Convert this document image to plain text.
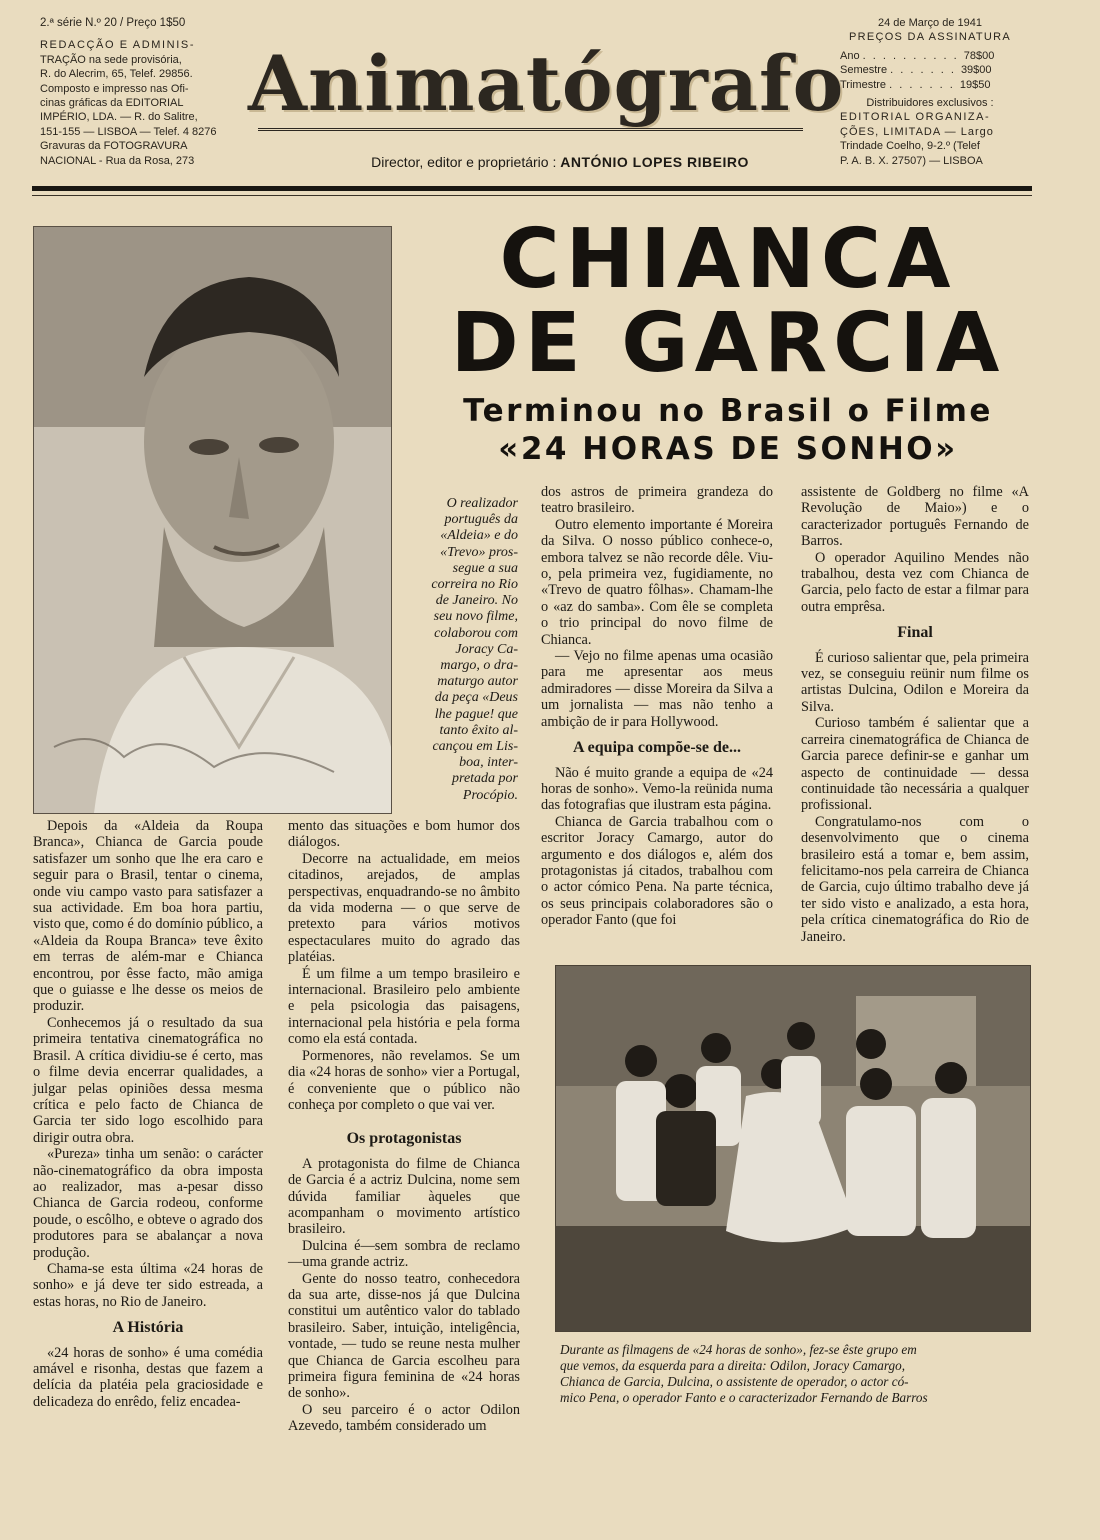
2.ª série N.º 20 / Preço 1$50
REDACÇÃO E ADMINIS-
TRAÇÃO na sede provisória,
R. do Alecrim, 65, Telef. 29856.
Composto e impresso nas Ofi-
cinas gráficas da EDITORIAL
IMPÉRIO, LDA. — R. do Salitre,
151-155 — LISBOA — Telef. 4 8276
Gravuras da FOTOGRAVURA
NACIONAL - Rua da Rosa, 273
Animatógrafo
Director, editor e proprietário : ANTÓNIO LOPES RIBEIRO
24 de Março de 1941
PREÇOS DA ASSINATURA
Ano . . . . . . . . . . 78$00
Semestre . . . . . . . 39$00
Trimestre . . . . . . . 19$50
Distribuidores exclusivos :
EDITORIAL ORGANIZA-
ÇÕES, LIMITADA — Largo
Trindade Coelho, 9-2.º (Telef
P. A. B. X. 27507) — LISBOA
CHIANCA
DE GARCIA
Terminou no Brasil o Filme
«24 HORAS DE SONHO»
O realizador
português da
«Aldeia» e do
«Trevo» pros-
segue a sua
correira no Rio
de Janeiro. No
seu novo filme,
colaborou com
Joracy Ca-
margo, o dra-
maturgo autor
da peça «Deus
lhe pague! que
tanto êxito al-
cançou em Lis-
boa, inter-
pretada por
Procópio.

Depois da «Aldeia da Roupa Branca», Chianca de Garcia poude satisfazer um sonho que lhe era caro e seguir para o Brasil, tentar o cinema, onde viu campo vasto para satisfazer a sua actividade. Em boa hora partiu, visto que, como é do domínio público, a «Aldeia da Roupa Branca» teve êxito em terras de além-mar e Chianca encontrou, por êsse facto, mão amiga que o guiasse e lhe desse os meios de produzir.

Conhecemos já o resultado da sua primeira tentativa cinematográfica no Brasil. A crítica dividiu-se é certo, mas o filme devia encerrar qualidades, a julgar pelas opiniões dessa mesma crítica e pelo facto de Chianca de Garcia ter sido logo escolhido para dirigir outra obra.

«Pureza» tinha um senão: o carácter não-cinematográfico da obra imposta ao realizador, mas a-pesar disso Chianca de Garcia rodeou, conforme poude, o escôlho, e obteve o agrado dos produtores para se abalançar a nova produção.

Chama-se esta última «24 horas de sonho» e já deve ter sido estreada, a estas horas, no Rio de Janeiro.

A História

«24 horas de sonho» é uma comédia amável e risonha, destas que fazem a delícia da platéia pela graciosidade e delicadeza do enrêdo, feliz encadea-

mento das situações e bom humor dos diálogos.

Decorre na actualidade, em meios citadinos, arejados, de amplas perspectivas, enquadrando-se no âmbito da vida moderna — o que serve de pretexto para vários motivos espectaculares muito do agrado das platéias.

É um filme a um tempo brasileiro e internacional. Brasileiro pelo ambiente e pela psicologia das paisagens, internacional pela história e pela forma como ela está contada.

Pormenores, não revelamos. Se um dia «24 horas de sonho» vier a Portugal, é conveniente que o público não conheça por completo o que vai ver.

Os protagonistas

A protagonista do filme de Chianca de Garcia é a actriz Dulcina, nome sem dúvida familiar àqueles que acompanham o movimento artístico brasileiro.

Dulcina é—sem sombra de reclamo—uma grande actriz.

Gente do nosso teatro, conhecedora da sua arte, disse-nos já que Dulcina constitui um autêntico valor do tablado brasileiro. Saber, intuição, inteligência, vontade, — tudo se reune nesta mulher que Chianca de Garcia escolheu para primeira figura feminina de «24 horas de sonho».

O seu parceiro é o actor Odilon Azevedo, também considerado um

dos astros de primeira grandeza do teatro brasileiro.

Outro elemento importante é Moreira da Silva. O nosso público conhece-o, embora talvez se não recorde dêle. Viu-o, pela primeira vez, fugidiamente, no «Trevo de quatro fôlhas». Chamam-lhe o «az do samba». Com êle se completa o trio principal do novo filme de Chianca.

— Vejo no filme apenas uma ocasião para me apresentar aos meus admiradores — disse Moreira da Silva a um jornalista — mas não tenho a ambição de ir para Hollywood.

A equipa compõe-se de...

Não é muito grande a equipa de «24 horas de sonho». Vemo-la reünida numa das fotografias que ilustram esta página.

Chianca de Garcia trabalhou com o escritor Joracy Camargo, autor do argumento e dos diálogos e, além dos protagonistas já citados, trabalhou com o actor cómico Pena. Na parte técnica, os seus principais colaboradores são o operador Fanto (que foi

assistente de Goldberg no filme «A Revolução de Maio») e o caracterizador português Fernando de Barros.

O operador Aquilino Mendes não trabalhou, desta vez com Chianca de Garcia, pelo facto de estar a filmar para outra emprêsa.

Final

É curioso salientar que, pela primeira vez, se conseguiu reünir num filme os artistas Dulcina, Odilon e Moreira da Silva.

Curioso também é salientar que a carreira cinematográfica de Chianca de Garcia parece definir-se e ganhar um aspecto de continuidade — dessa continuidade tão necessária a qualquer profissional.

Congratulamo-nos com o desenvolvimento que o cinema brasileiro está a tomar e, bem assim, felicitamo-nos pela carreira de Chianca de Garcia, cujo último trabalho deve já ter sido visto e analizado, a esta hora, pela crítica cinematográfica do Rio de Janeiro.

Durante as filmagens de «24 horas de sonho», fez-se êste grupo em
que vemos, da esquerda para a direita: Odilon, Joracy Camargo,
Chianca de Garcia, Dulcina, o assistente de operador, o actor có-
mico Pena, o operador Fanto e o caracterizador Fernando de Barros
